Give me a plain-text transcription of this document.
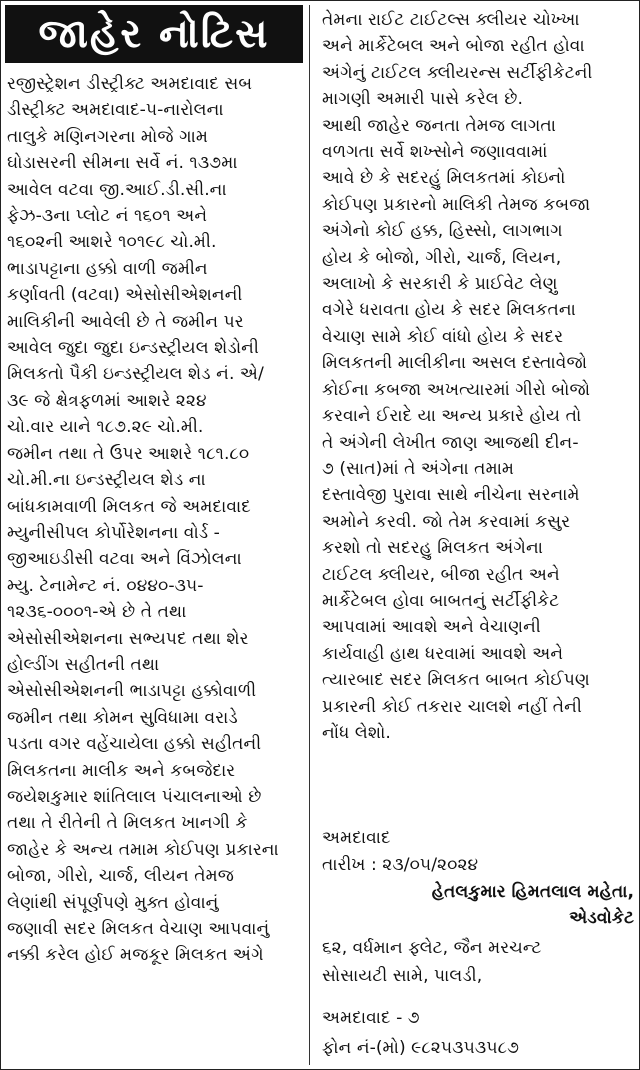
જાહેર નોટિસ
રજીસ્ટ્રેશન ડીસ્ટ્રીક્ટ અમદાવાદ સબ
ડીસ્ટ્રીક્ટ અમદાવાદ-૫-નારોલના
તાલુકે મણિનગરના મોજે ગામ
ઘોડાસરની સીમના સર્વે નં. ૧૩૭મા
આવેલ વટવા જી.આઈ.ડી.સી.ના
ફેઝ-૩ના પ્લોટ નં ૧૬૦૧ અને
૧૬૦૨ની આશરે ૧૦૧૯૮ ચો.મી.
ભાડાપટ્ટાના હક્કો વાળી જમીન
કર્ણાવતી (વટવા) એસોસીએશનની
માલિકીની આવેલી છે તે જમીન પર
આવેલ જુદા જુદા ઇન્ડસ્ટ્રીયલ શેડોની
મિલકતો પૈકી ઇન્ડસ્ટ્રીયલ શેડ નં. એ/
૩૯ જે ક્ષેત્રફળમાં આશરે ૨૨૪
ચો.વાર યાને ૧૮૭.૨૯ ચો.મી.
જમીન તથા તે ઉપર આશરે ૧૮૧.૮૦
ચો.મી.ના ઇન્ડસ્ટ્રીયલ શેડ ના
બાંધકામવાળી મિલકત જે અમદાવાદ
મ્યુનીસીપલ કોર્પોરેશનના વોર્ડ -
જીઆઇડીસી વટવા અને વિંઝોલના
મ્યુ. ટેનામેન્ટ નં. ૦૪૪૦-૩૫-
૧૨૩૬-૦૦૦૧-એ છે તે તથા
એસોસીએશનના સભ્યપદ તથા શેર
હોલ્ડીંગ સહીતની તથા
એસોસીએશનની ભાડાપટ્ટા હક્કોવાળી
જમીન તથા કોમન સુવિધામા વરાડે
પડતા વગર વહેંચાયેલા હક્કો સહીતની
મિલકતના માલીક અને કબજેદાર
જયેશકુમાર શાંતિલાલ પંચાલનાઓ છે
તથા તે રીતેની તે મિલકત ખાનગી કે
જાહેર કે અન્ય તમામ કોઈપણ પ્રકારના
બોજા, ગીરો, ચાર્જ, લીયન તેમજ
લેણાંથી સંપૂર્ણપણે મુક્ત હોવાનું
જણાવી સદર મિલકત વેચાણ આપવાનું
નક્કી કરેલ હોઈ મજકૂર મિલકત અંગે
તેમના રાઈટ ટાઈટલ્સ ક્લીયર ચોખ્ખા
અને માર્કેટેબલ અને બોજા રહીત હોવા
અંગેનું ટાઈટલ ક્લીયરન્સ સર્ટીફીકેટની
માગણી અમારી પાસે કરેલ છે.
આથી જાહેર જનતા તેમજ લાગતા
વળગતા સર્વે શખ્સોને જણાવવામાં
આવે છે કે સદરહું મિલકતમાં કોઇનો
કોઈપણ પ્રકારનો માલિકી તેમજ કબજા
અંગેનો કોઈ હક્ક, હિસ્સો, લાગભાગ
હોય કે બોજો, ગીરો, ચાર્જ, લિયન,
અલાખો કે સરકારી કે પ્રાઈવેટ લેણુ
વગેરે ધરાવતા હોય કે સદર મિલકતના
વેચાણ સામે કોઈ વાંધો હોય કે સદર
મિલકતની માલીકીના અસલ દસ્તાવેજો
કોઈના કબજા અખત્યારમાં ગીરો બોજો
કરવાને ઈરાદે યા અન્ય પ્રકારે હોય તો
તે અંગેની લેખીત જાણ આજથી દીન-
૭ (સાત)માં તે અંગેના તમામ
દસ્તાવેજી પુરાવા સાથે નીચેના સરનામે
અમોને કરવી. જો તેમ કરવામાં કસુર
કરશો તો સદરહુ મિલકત અંગેના
ટાઈટલ ક્લીયર, બીજા રહીત અને
માર્કેટેબલ હોવા બાબતનું સર્ટીફીકેટ
આપવામાં આવશે અને વેચાણની
કાર્યવાહી હાથ ધરવામાં આવશે અને
ત્યારબાદ સદર મિલકત બાબત કોઈપણ
પ્રકારની કોઈ તકરાર ચાલશે નહીં તેની
નોંધ લેશો.
અમદાવાદ
તારીખ : ૨૩/૦૫/૨૦૨૪
હેતલકુમાર હિમતલાલ મહેતા,
એડવોકેટ
૬૨, વર્ધમાન ફ્લેટ, જૈન મરચન્ટ
સોસાયટી સામે, પાલડી,
અમદાવાદ - ૭
ફોન નં-(મો) ૯૮૨૫૩૫૩૫૮૭
